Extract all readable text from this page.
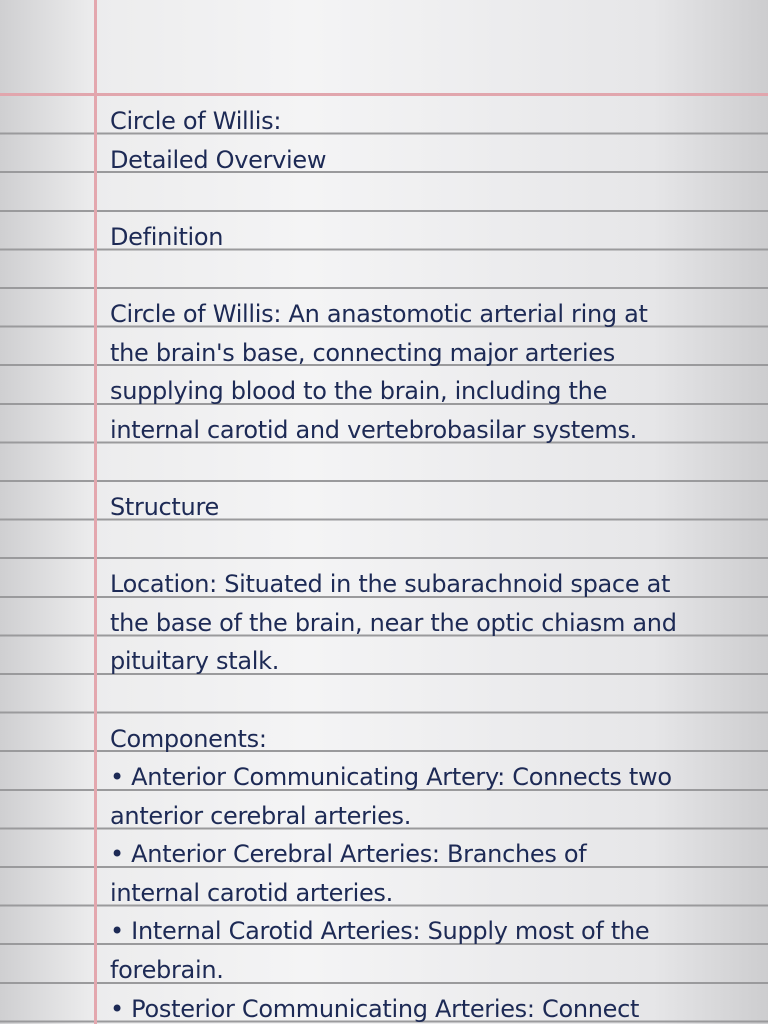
Circle of Willis:
Detailed Overview
Definition
Circle of Willis: An anastomotic arterial ring at
the brain's base, connecting major arteries
supplying blood to the brain, including the
internal carotid and vertebrobasilar systems.
Structure
Location: Situated in the subarachnoid space at
the base of the brain, near the optic chiasm and
pituitary stalk.
Components:
• Anterior Communicating Artery: Connects two
anterior cerebral arteries.
• Anterior Cerebral Arteries: Branches of
internal carotid arteries.
• Internal Carotid Arteries: Supply most of the
forebrain.
• Posterior Communicating Arteries: Connect
